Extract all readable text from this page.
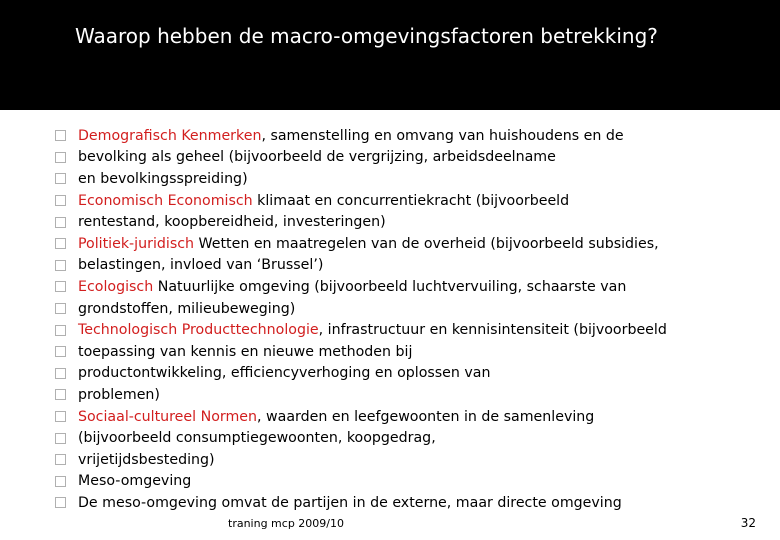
Waarop hebben de macro-omgevingsfactoren betrekking?
Demografisch Kenmerken, samenstelling en omvang van huishoudens en de
bevolking als geheel (bijvoorbeeld de vergrijzing, arbeidsdeelname
en bevolkingsspreiding)
Economisch Economisch klimaat en concurrentiekracht (bijvoorbeeld
rentestand, koopbereidheid, investeringen)
Politiek-juridisch Wetten en maatregelen van de overheid (bijvoorbeeld subsidies,
belastingen, invloed van ‘Brussel’)
Ecologisch Natuurlijke omgeving (bijvoorbeeld luchtvervuiling, schaarste van
grondstoffen, milieubeweging)
Technologisch Producttechnologie, infrastructuur en kennisintensiteit (bijvoorbeeld
toepassing van kennis en nieuwe methoden bij
productontwikkeling, efficiencyverhoging en oplossen van
problemen)
Sociaal-cultureel Normen, waarden en leefgewoonten in de samenleving
(bijvoorbeeld consumptiegewoonten, koopgedrag,
vrijetijdsbesteding)
Meso-omgeving
De meso-omgeving omvat de partijen in de externe, maar directe omgeving
traning mcp 2009/10	32
